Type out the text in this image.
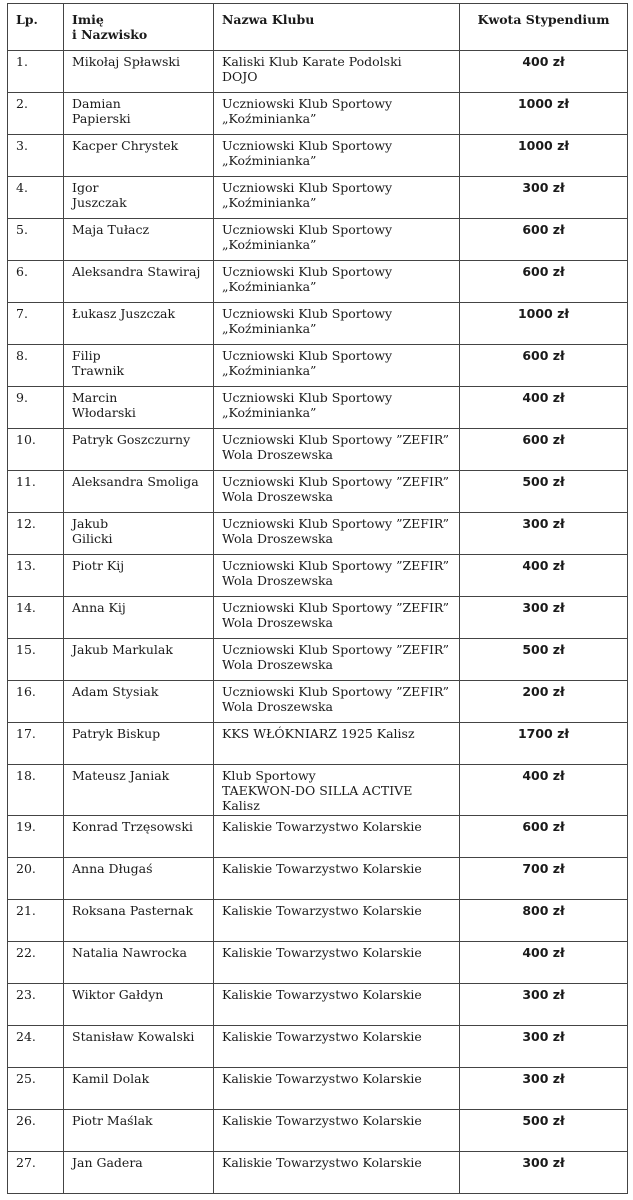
Lp.	Imię
i Nazwisko	Nazwa Klubu	Kwota Stypendium
1.	Mikołaj Spławski	Kaliski Klub Karate Podolski
DOJO	400 zł
2.	Damian
Papierski	Uczniowski Klub Sportowy
„Koźminianka”	1000 zł
3.	Kacper Chrystek	Uczniowski Klub Sportowy
„Koźminianka”	1000 zł
4.	Igor
Juszczak	Uczniowski Klub Sportowy
„Koźminianka”	300 zł
5.	Maja Tułacz	Uczniowski Klub Sportowy
„Koźminianka”	600 zł
6.	Aleksandra Stawiraj	Uczniowski Klub Sportowy
„Koźminianka”	600 zł
7.	Łukasz Juszczak	Uczniowski Klub Sportowy
„Koźminianka”	1000 zł
8.	Filip
Trawnik	Uczniowski Klub Sportowy
„Koźminianka”	600 zł
9.	Marcin
Włodarski	Uczniowski Klub Sportowy
„Koźminianka”	400 zł
10.	Patryk Goszczurny	Uczniowski Klub Sportowy ”ZEFIR”
Wola Droszewska	600 zł
11.	Aleksandra Smoliga	Uczniowski Klub Sportowy ”ZEFIR”
Wola Droszewska	500 zł
12.	Jakub
Gilicki	Uczniowski Klub Sportowy ”ZEFIR”
Wola Droszewska	300 zł
13.	Piotr Kij	Uczniowski Klub Sportowy ”ZEFIR”
Wola Droszewska	400 zł
14.	Anna Kij	Uczniowski Klub Sportowy ”ZEFIR”
Wola Droszewska	300 zł
15.	Jakub Markulak	Uczniowski Klub Sportowy ”ZEFIR”
Wola Droszewska	500 zł
16.	Adam Stysiak	Uczniowski Klub Sportowy ”ZEFIR”
Wola Droszewska	200 zł
17.	Patryk Biskup	KKS WŁÓKNIARZ 1925 Kalisz	1700 zł
18.	Mateusz Janiak	Klub Sportowy
TAEKWON-DO SILLA ACTIVE
Kalisz	400 zł
19.	Konrad Trzęsowski	Kaliskie Towarzystwo Kolarskie	600 zł
20.	Anna Długaś	Kaliskie Towarzystwo Kolarskie	700 zł
21.	Roksana Pasternak	Kaliskie Towarzystwo Kolarskie	800 zł
22.	Natalia Nawrocka	Kaliskie Towarzystwo Kolarskie	400 zł
23.	Wiktor Gałdyn	Kaliskie Towarzystwo Kolarskie	300 zł
24.	Stanisław Kowalski	Kaliskie Towarzystwo Kolarskie	300 zł
25.	Kamil Dolak	Kaliskie Towarzystwo Kolarskie	300 zł
26.	Piotr Maślak	Kaliskie Towarzystwo Kolarskie	500 zł
27.	Jan Gadera	Kaliskie Towarzystwo Kolarskie	300 zł
